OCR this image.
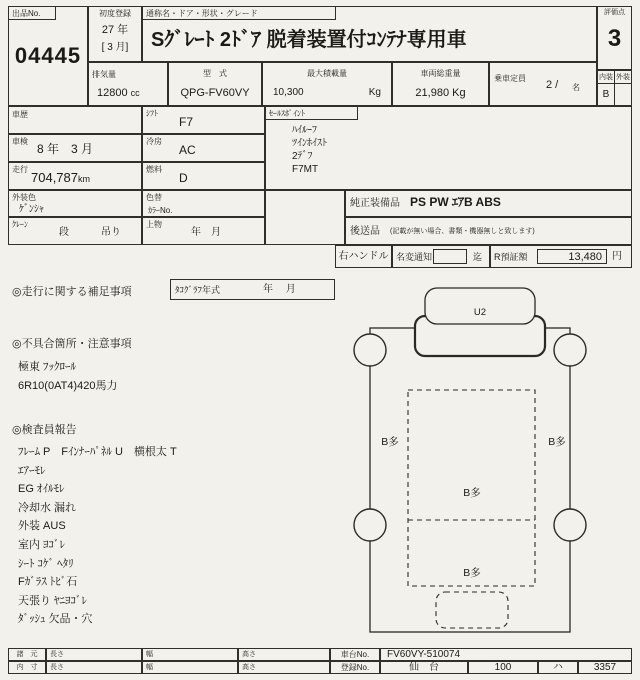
出品No.
04445
初度登録
27 年
[ 3 月]
通称名・ドア・形状・グレード
Sｸﾞﾚｰﾄ 2ﾄﾞｱ 脱着装置付ｺﾝﾃﾅ専用車
評価点
3
排気量
12800 cc
型　式
QPG-FV60VY
最大積載量
10,300	Kg
車両総重量
21,980 Kg
乗車定員
2 / 名
内装 外装
B
車歴	ｼﾌﾄ
F7
車検
8 年　3 月
冷房
AC
走行
704,787km
燃料
D
外装色
ｹﾞﾝｼｬ
色替
ｶﾗｰNo.
ｸﾚｰﾝ
段	吊り
上物
年　月
ｾｰﾙｽﾎﾟｲﾝﾄ
ﾊｲﾙｰﾌ
ﾂｲﾝﾎｲｽﾄ
2ﾃﾞﾌ
F7MT
純正装備品 PS PW ｴｱB ABS
後送品 (記載が無い場合、書類・機器無しと致します)
右ハンドル 名変通知	迄 R預証額	13,480	円
◎走行に関する補足事項	ﾀｺｸﾞﾗﾌ年式	年　 月
◎不具合箇所・注意事項
極東 ﾌｯｸﾛｰﾙ
6R10(0AT4)420馬力
◎検査員報告
ﾌﾚｰﾑ P　Fｲﾝﾅｰﾊﾟﾈﾙ U　横根太 T
ｴｱｰﾓﾚ
EG ｵｲﾙﾓﾚ
冷却水 漏れ
外装 AUS
室内 ﾖｺﾞﾚ
ｼｰﾄ ｺｹﾞ ﾍﾀﾘ
Fｶﾞﾗｽ ﾄﾋﾞ石
天張り ﾔﾆﾖｺﾞﾚ
ﾀﾞｯｼｭ 欠品・穴
U2
B多	B多
B多
B多
諸　元	長さ	幅	高さ	車台No.	FV60VY-510074
内　寸	長さ	幅	高さ	登録No.	仙　台	100	ハ	3357
